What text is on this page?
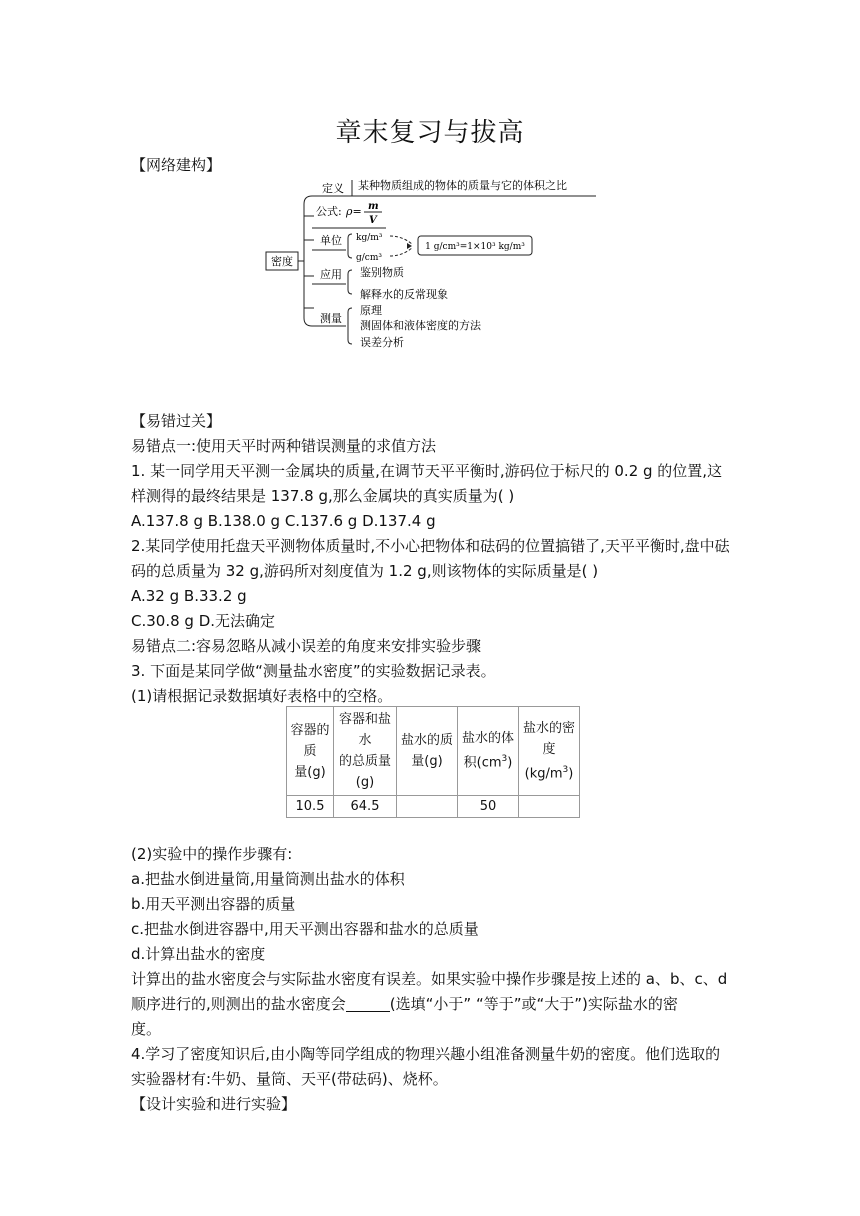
章末复习与拔高
【网络建构】
密度
定义 某种物质组成的物体的质量与它的体积之比
公式: ρ= m
V
单位 kg/m³
g/cm³
1 g/cm³=1×10³ kg/m³
应用 鉴别物质
解释水的反常现象
测量
原理
测固体和液体密度的方法
误差分析
【易错过关】
易错点一:使用天平时两种错误测量的求值方法
1. 某一同学用天平测一金属块的质量,在调节天平平衡时,游码位于标尺的 0.2 g 的位置,这
样测得的最终结果是 137.8 g,那么金属块的真实质量为( )
A.137.8 g B.138.0 g C.137.6 g D.137.4 g
2.某同学使用托盘天平测物体质量时,不小心把物体和砝码的位置搞错了,天平平衡时,盘中砝
码的总质量为 32 g,游码所对刻度值为 1.2 g,则该物体的实际质量是( )
A.32 g B.33.2 g
C.30.8 g D.无法确定
易错点二:容易忽略从减小误差的角度来安排实验步骤
3. 下面是某同学做“测量盐水密度”的实验数据记录表。
(1)请根据记录数据填好表格中的空格。
容器的
质
量(g)	容器和盐
水
的总质量
(g)	盐水的质
量(g)	盐水的体
积$(cm^3)$	盐水的密
度
$(kg/m^3)$
10.5	64.5		50	
(2)实验中的操作步骤有:
a.把盐水倒进量筒,用量筒测出盐水的体积
b.用天平测出容器的质量
c.把盐水倒进容器中,用天平测出容器和盐水的总质量
d.计算出盐水的密度
计算出的盐水密度会与实际盐水密度有误差。如果实验中操作步骤是按上述的 a、b、c、d
顺序进行的,则测出的盐水密度会	(选填“小于” “等于”或“大于”)实际盐水的密
度。
4.学习了密度知识后,由小陶等同学组成的物理兴趣小组准备测量牛奶的密度。他们选取的
实验器材有:牛奶、量筒、天平(带砝码)、烧杯。
【设计实验和进行实验】
